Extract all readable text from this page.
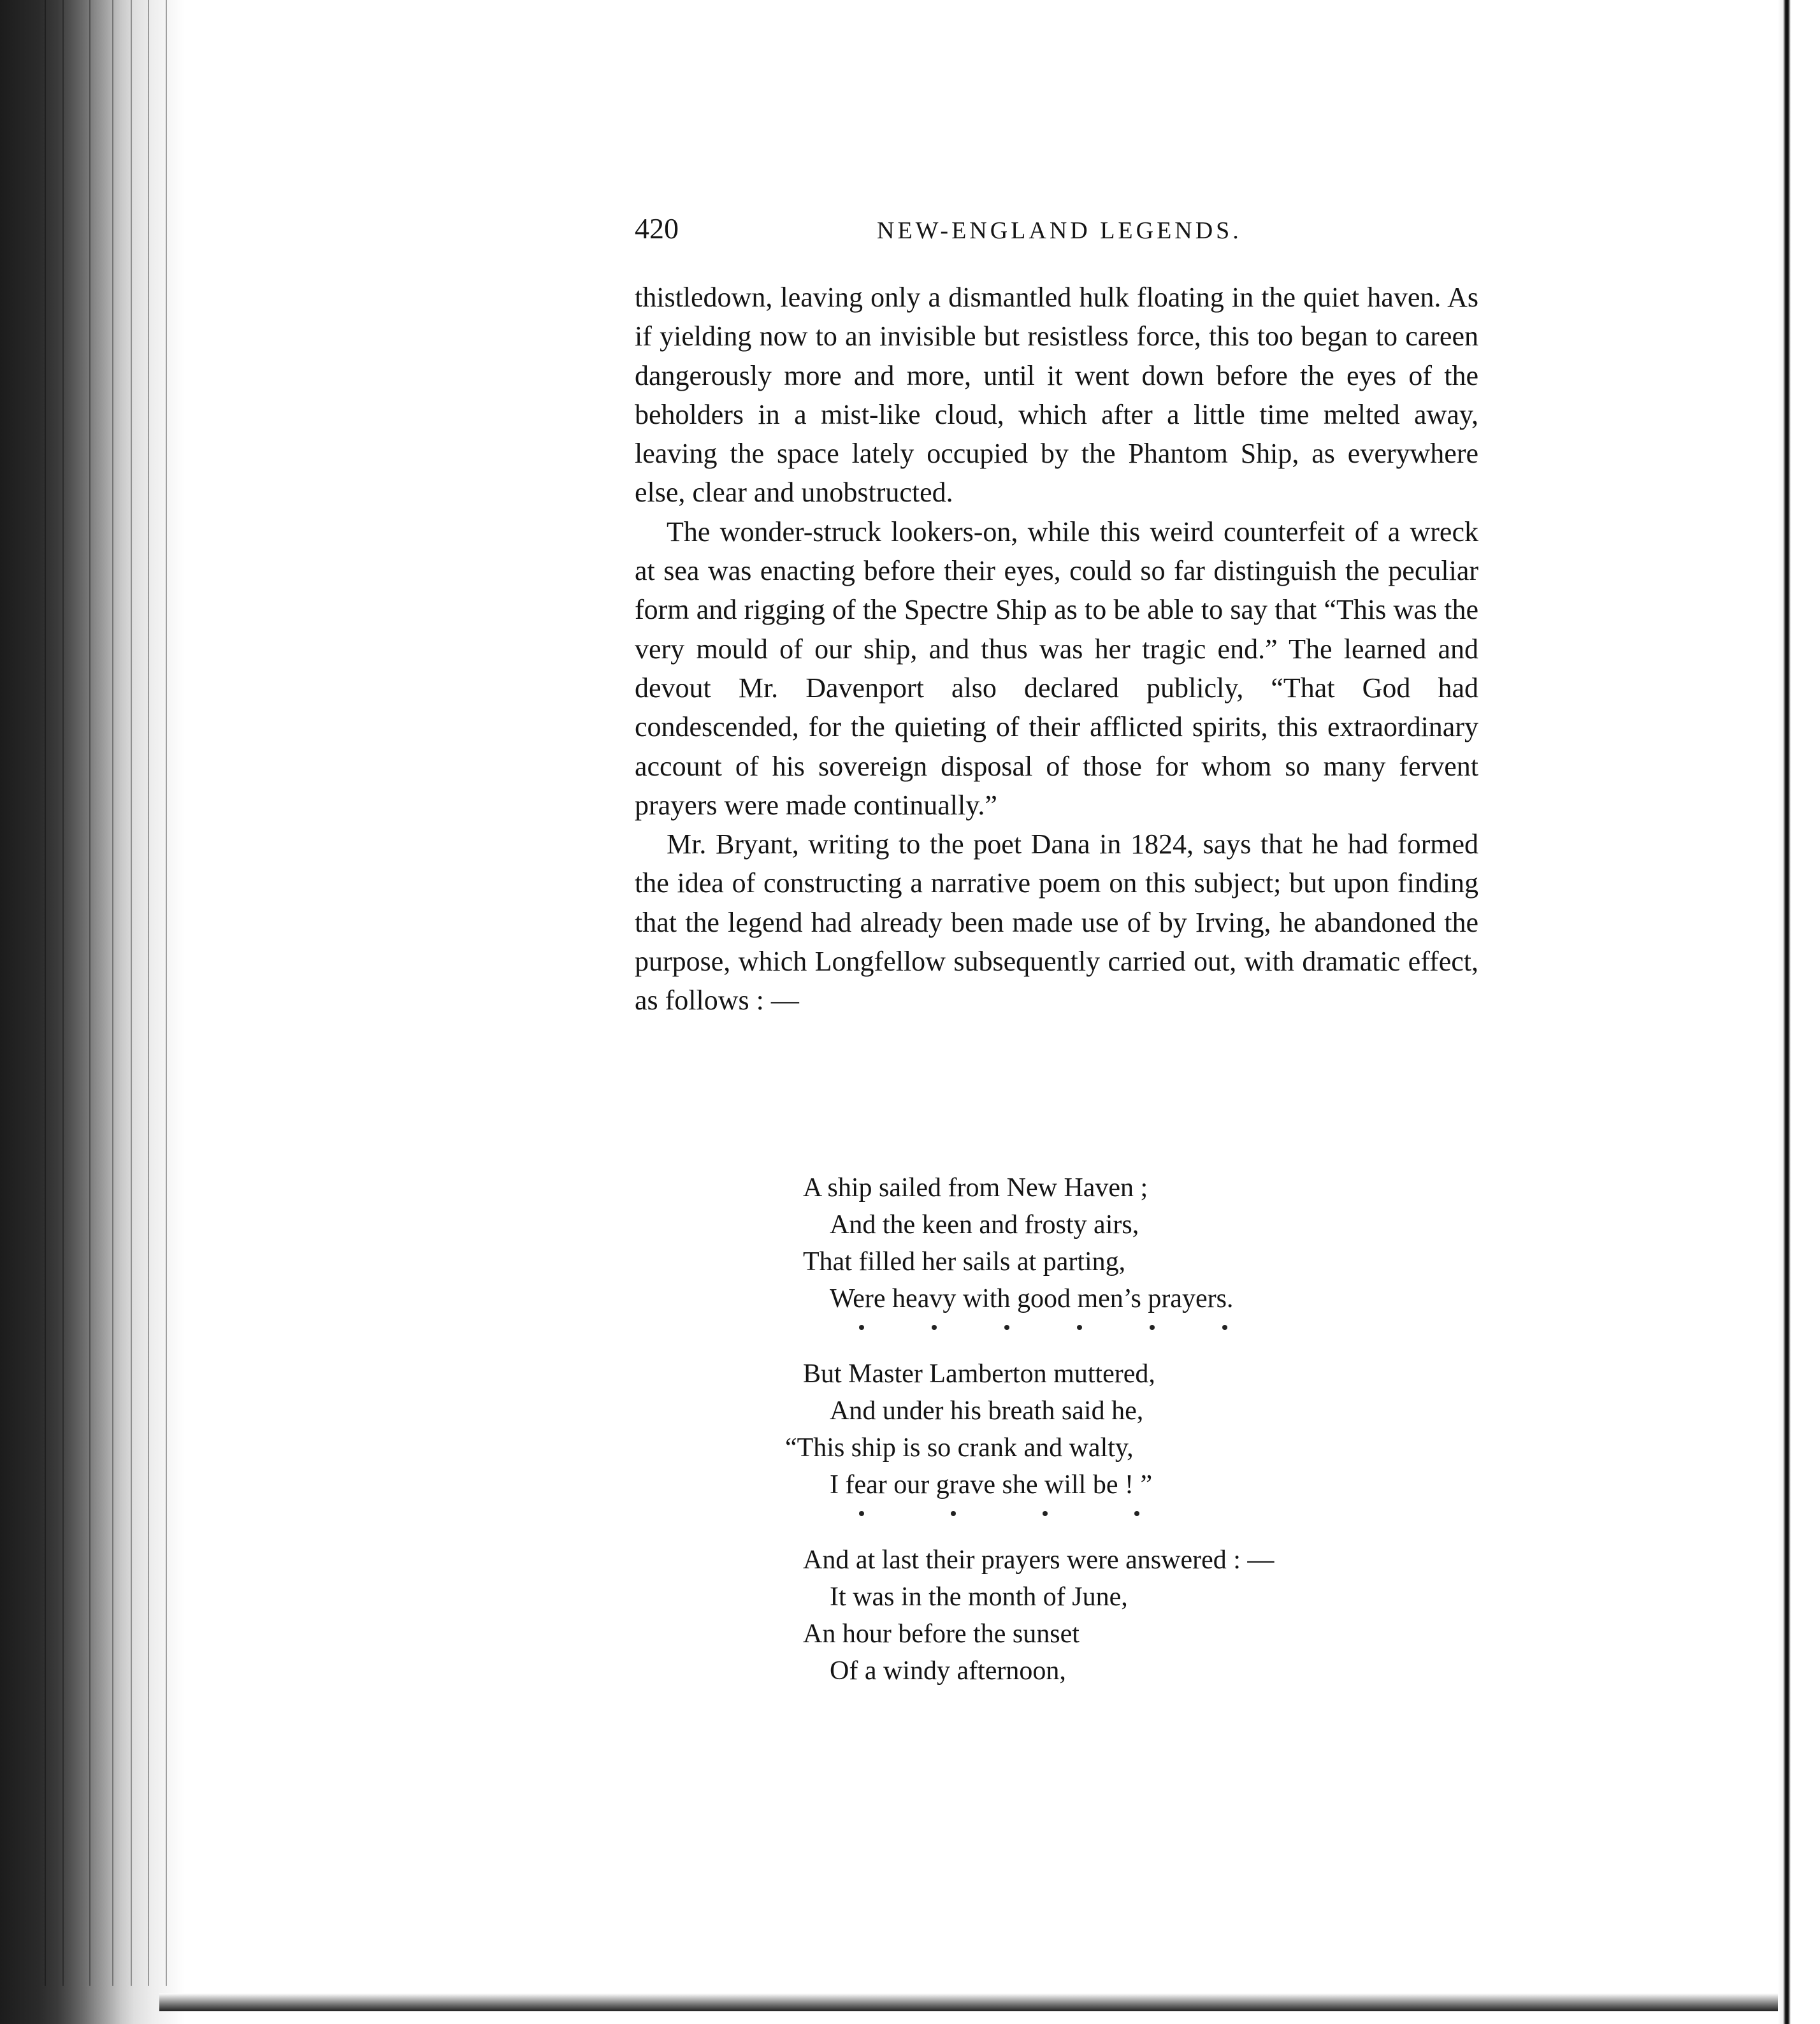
420	NEW-ENGLAND LEGENDS.

thistledown, leaving only a dismantled hulk floating in the quiet haven. As if yielding now to an invisible but resistless force, this too began to careen dangerously more and more, until it went down before the eyes of the beholders in a mist-like cloud, which after a little time melted away, leaving the space lately occupied by the Phantom Ship, as everywhere else, clear and unobstructed.

The wonder-struck lookers-on, while this weird counterfeit of a wreck at sea was enacting before their eyes, could so far distinguish the peculiar form and rigging of the Spectre Ship as to be able to say that “This was the very mould of our ship, and thus was her tragic end.” The learned and devout Mr. Davenport also declared publicly, “That God had condescended, for the quieting of their afflicted spirits, this extraordinary account of his sovereign disposal of those for whom so many fervent prayers were made continually.”

Mr. Bryant, writing to the poet Dana in 1824, says that he had formed the idea of constructing a narrative poem on this subject; but upon finding that the legend had already been made use of by Irving, he abandoned the purpose, which Longfellow subsequently carried out, with dramatic effect, as follows : —

A ship sailed from New Haven ;
And the keen and frosty airs,
That filled her sails at parting,
Were heavy with good men’s prayers.
But Master Lamberton muttered,
And under his breath said he,
“This ship is so crank and walty,
I fear our grave she will be ! ”
And at last their prayers were answered : —
It was in the month of June,
An hour before the sunset
Of a windy afternoon,
